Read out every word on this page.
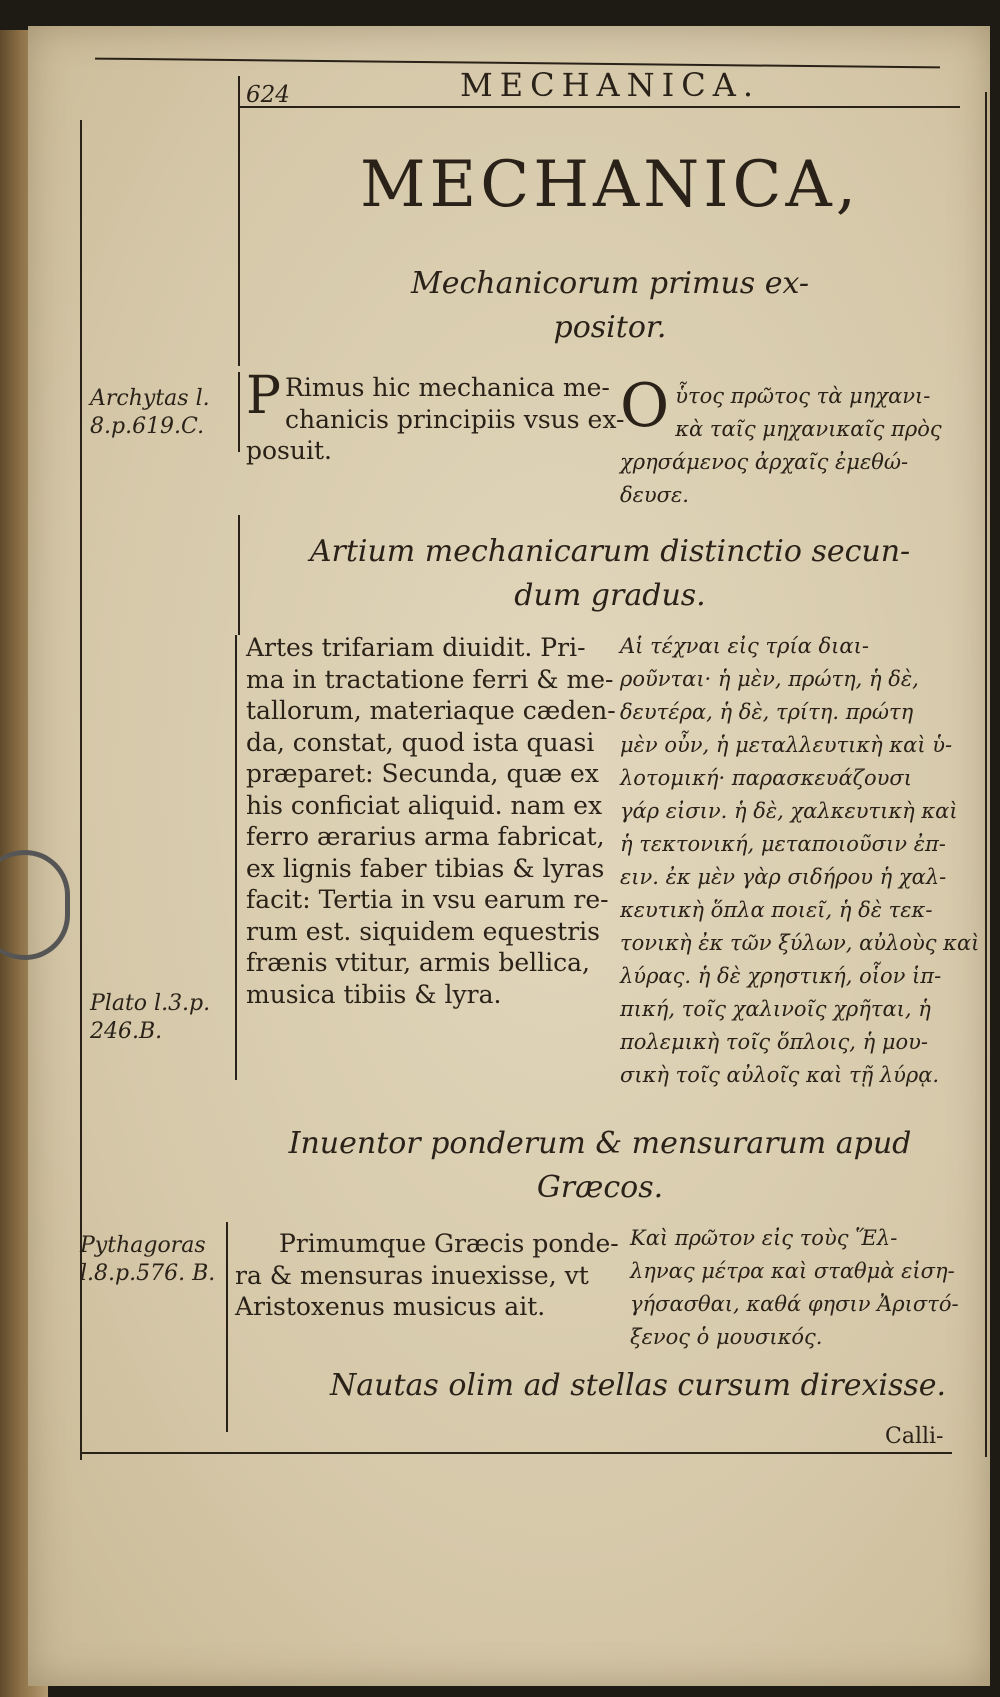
624	MECHANICA.
MECHANICA,
Mechanicorum primus ex-
positor.
Archytas l.
8.p.619.C.
P Rimus hic mechanica me-
chanicis principiis vsus ex-
posuit.
O ὗτος πρῶτος τὰ μηχανι-
κὰ ταῖς μηχανικαῖς πρὸς
χρησάμενος ἀρχαῖς ἐμεθώ-
δευσε.
Artium mechanicarum distinctio secun-
dum gradus.
Artes trifariam diuidit. Pri-
ma in tractatione ferri & me-
tallorum, materiaque cæden-
da, constat, quod ista quasi
præparet: Secunda, quæ ex
his conficiat aliquid. nam ex
ferro ærarius arma fabricat,
ex lignis faber tibias & lyras
facit: Tertia in vsu earum re-
rum est. siquidem equestris
frænis vtitur, armis bellica,
musica tibiis & lyra.
Plato l.3.p.
246.B.
Αἱ τέχναι εἰς τρία διαι-
ροῦνται· ἡ μὲν, πρώτη, ἡ δὲ,
δευτέρα, ἡ δὲ, τρίτη. πρώτη
μὲν οὖν, ἡ μεταλλευτικὴ καὶ ὑ-
λοτομική· παρασκευάζουσι
γάρ εἰσιν. ἡ δὲ, χαλκευτικὴ καὶ
ἡ τεκτονική, μεταποιοῦσιν ἐπ-
ειν. ἐκ μὲν γὰρ σιδήρου ἡ χαλ-
κευτικὴ ὅπλα ποιεῖ, ἡ δὲ τεκ-
τονικὴ ἐκ τῶν ξύλων, αὐλοὺς καὶ
λύρας. ἡ δὲ χρηστική, οἷον ἱπ-
πική, τοῖς χαλινοῖς χρῆται, ἡ
πολεμικὴ τοῖς ὅπλοις, ἡ μου-
σικὴ τοῖς αὐλοῖς καὶ τῇ λύρᾳ.
Inuentor ponderum & mensurarum apud
Græcos.
Pythagoras
l.8.p.576. B.
Primumque Græcis ponde-
ra & mensuras inuexisse, vt
Aristoxenus musicus ait.
Καὶ πρῶτον εἰς τοὺς Ἕλ-
ληνας μέτρα καὶ σταθμὰ εἰση-
γήσασθαι, καθά φησιν Ἀριστό-
ξενος ὁ μουσικός.
Nautas olim ad stellas cursum direxisse.
Calli-
